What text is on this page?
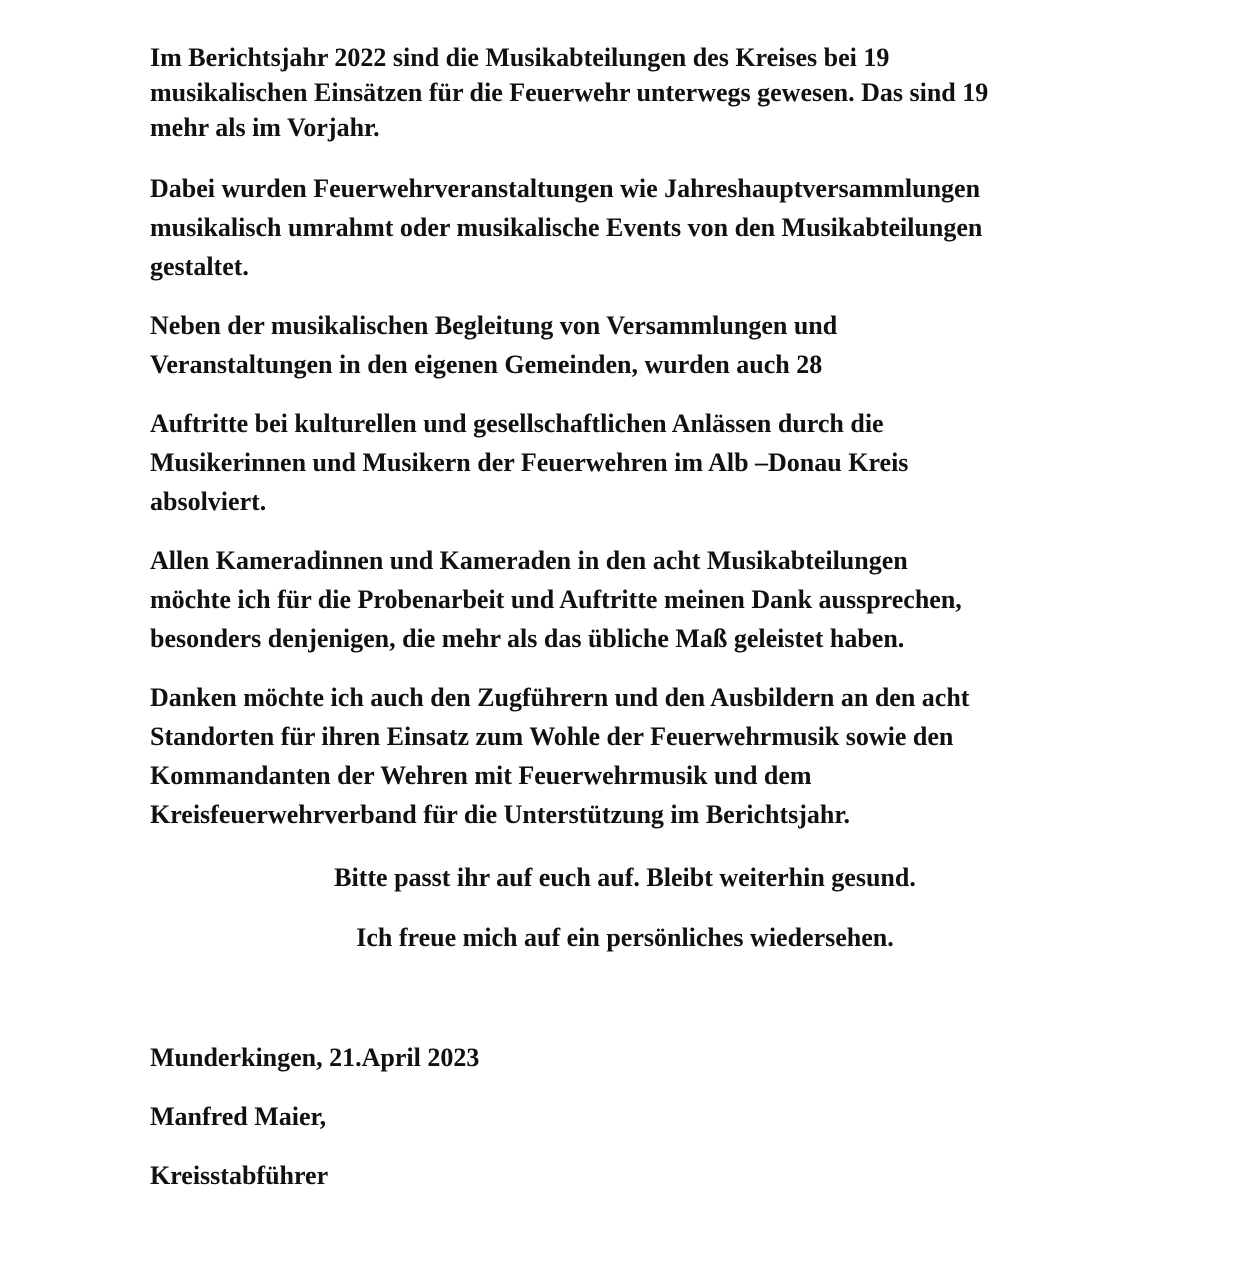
Im Berichtsjahr 2022 sind die Musikabteilungen des Kreises bei 19
musikalischen Einsätzen für die Feuerwehr unterwegs gewesen. Das sind 19
mehr als im Vorjahr.
Dabei wurden Feuerwehrveranstaltungen wie Jahreshauptversammlungen
musikalisch umrahmt oder musikalische Events von den Musikabteilungen
gestaltet.
Neben der musikalischen Begleitung von Versammlungen und
Veranstaltungen in den eigenen Gemeinden, wurden auch 28
Auftritte bei kulturellen und gesellschaftlichen Anlässen durch die
Musikerinnen und Musikern der Feuerwehren im Alb –Donau Kreis
absolviert.
Allen Kameradinnen und Kameraden in den acht Musikabteilungen
möchte ich für die Probenarbeit und Auftritte meinen Dank aussprechen,
besonders denjenigen, die mehr als das übliche Maß geleistet haben.
Danken möchte ich auch den Zugführern und den Ausbildern an den acht
Standorten für ihren Einsatz zum Wohle der Feuerwehrmusik sowie den
Kommandanten der Wehren mit Feuerwehrmusik und dem
Kreisfeuerwehrverband für die Unterstützung im Berichtsjahr.
Bitte passt ihr auf euch auf. Bleibt weiterhin gesund.
Ich freue mich auf ein persönliches wiedersehen.
Munderkingen, 21.April 2023
Manfred Maier,
Kreisstabführer
